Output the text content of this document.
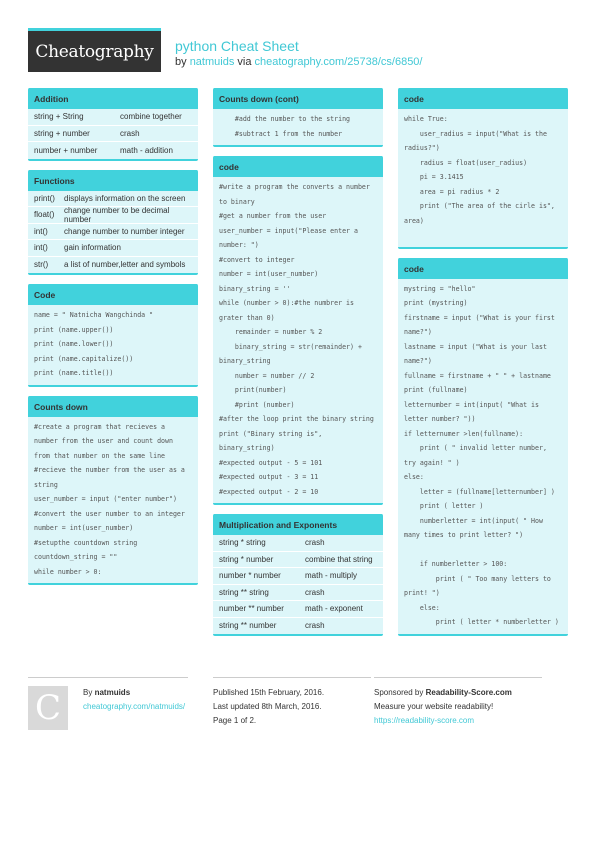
Cheatography	python Cheat Sheet
by natmuids via cheatography.com/25738/cs/6850/
Addition
string + String	combine together
string + number	crash
number + number	math - addition
Functions
print()	displays information on the screen
float()	change number to be decimal number
int()	change number to number integer
int()	gain information
str()	a list of number,letter and symbols
Code
name = " Natnicha Wangchinda "
print (name.upper())
print (name.lower())
print (name.capitalize())
print (name.title())
Counts down
#create a program that recieves a number from the user and count down from that number on the same line
#recieve the number from the user as a string
user_number = input ("enter number")
#convert the user number to an integer
number = int(user_number)
#setupthe countdown string
countdown_string = ""
while number > 0:
Counts down (cont)
#add the number to the string
#subtract 1 from the number
code
#write a program the converts a number to binary
#get a number from the user
user_number = input("Please enter a number: ")
#convert to integer
number = int(user_number)
binary_string = ''
while (number > 0):#the numbrer is grater than 0)
remainder = number % 2
binary_string = str(remainder) + binary_string
number = number // 2
print(number)
#print (number)
#after the loop print the binary string
print ("Binary string is", binary_string)
#expected output - 5 = 101
#expected output - 3 = 11
#expected output - 2 = 10
Multiplication and Exponents
string * string	crash
string * number	combine that string
number * number	math - multiply
string ** string	crash
number ** number	math - exponent
string ** number	crash
code
while True:
user_radius = input("What is the radius?")
radius = float(user_radius)
pi = 3.1415
area = pi radius * 2
print ("The area of the cirle is", area)
code
mystring = "hello"
print (mystring)
firstname = input ("What is your first name?")
lastname = input ("What is your last name?")
fullname = firstname + " " + lastname
print (fullname)
letternumber = int(input( "What is letter number? "))
if letternumer >len(fullname):
print ( " invalid letter number, try again! " )
else:
letter = (fullname[letternumber] )
print ( letter )
numberletter = int(input( " How many times to print letter? ")
if numberletter > 100:
print ( " Too many letters to print! ")
else:
print ( letter * numberletter )
C	By natmuids
cheatography.com/natmuids/
Published 15th February, 2016.
Last updated 8th March, 2016.
Page 1 of 2.
Sponsored by Readability-Score.com
Measure your website readability!
https://readability-score.com
